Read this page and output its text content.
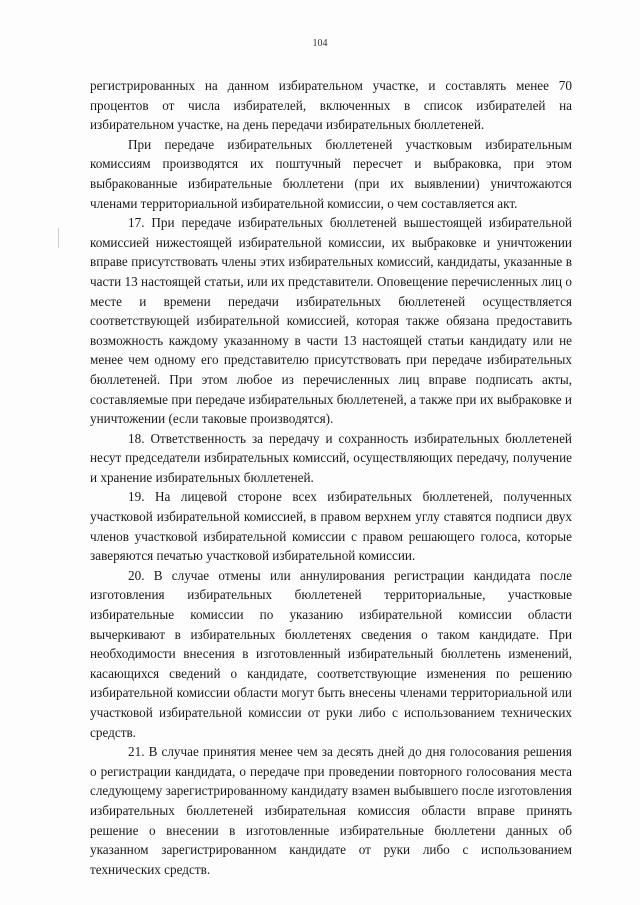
104

регистрированных на данном избирательном участке, и составлять менее 70 процентов от числа избирателей, включенных в список избирателей на избирательном участке, на день передачи избирательных бюллетеней.

При передаче избирательных бюллетеней участковым избирательным комиссиям производятся их поштучный пересчет и выбраковка, при этом выбракованные избирательные бюллетени (при их выявлении) уничтожаются членами территориальной избирательной комиссии, о чем составляется акт.

17. При передаче избирательных бюллетеней вышестоящей избирательной комиссией нижестоящей избирательной комиссии, их выбраковке и уничтожении вправе присутствовать члены этих избирательных комиссий, кандидаты, указанные в части 13 настоящей статьи, или их представители. Оповещение перечисленных лиц о месте и времени передачи избирательных бюллетеней осуществляется соответствующей избирательной комиссией, которая также обязана предоставить возможность каждому указанному в части 13 настоящей статьи кандидату или не менее чем одному его представителю присутствовать при передаче избирательных бюллетеней. При этом любое из перечисленных лиц вправе подписать акты, составляемые при передаче избирательных бюллетеней, а также при их выбраковке и уничтожении (если таковые производятся).

18. Ответственность за передачу и сохранность избирательных бюллетеней несут председатели избирательных комиссий, осуществляющих передачу, получение и хранение избирательных бюллетеней.

19. На лицевой стороне всех избирательных бюллетеней, полученных участковой избирательной комиссией, в правом верхнем углу ставятся подписи двух членов участковой избирательной комиссии с правом решающего голоса, которые заверяются печатью участковой избирательной комиссии.

20. В случае отмены или аннулирования регистрации кандидата после изготовления избирательных бюллетеней территориальные, участковые избирательные комиссии по указанию избирательной комиссии области вычеркивают в избирательных бюллетенях сведения о таком кандидате. При необходимости внесения в изготовленный избирательный бюллетень изменений, касающихся сведений о кандидате, соответствующие изменения по решению избирательной комиссии области могут быть внесены членами территориальной или участковой избирательной комиссии от руки либо с использованием технических средств.

21. В случае принятия менее чем за десять дней до дня голосования решения о регистрации кандидата, о передаче при проведении повторного голосования места следующему зарегистрированному кандидату взамен выбывшего после изготовления избирательных бюллетеней избирательная комиссия области вправе принять решение о внесении в изготовленные избирательные бюллетени данных об указанном зарегистрированном кандидате от руки либо с использованием технических средств.
